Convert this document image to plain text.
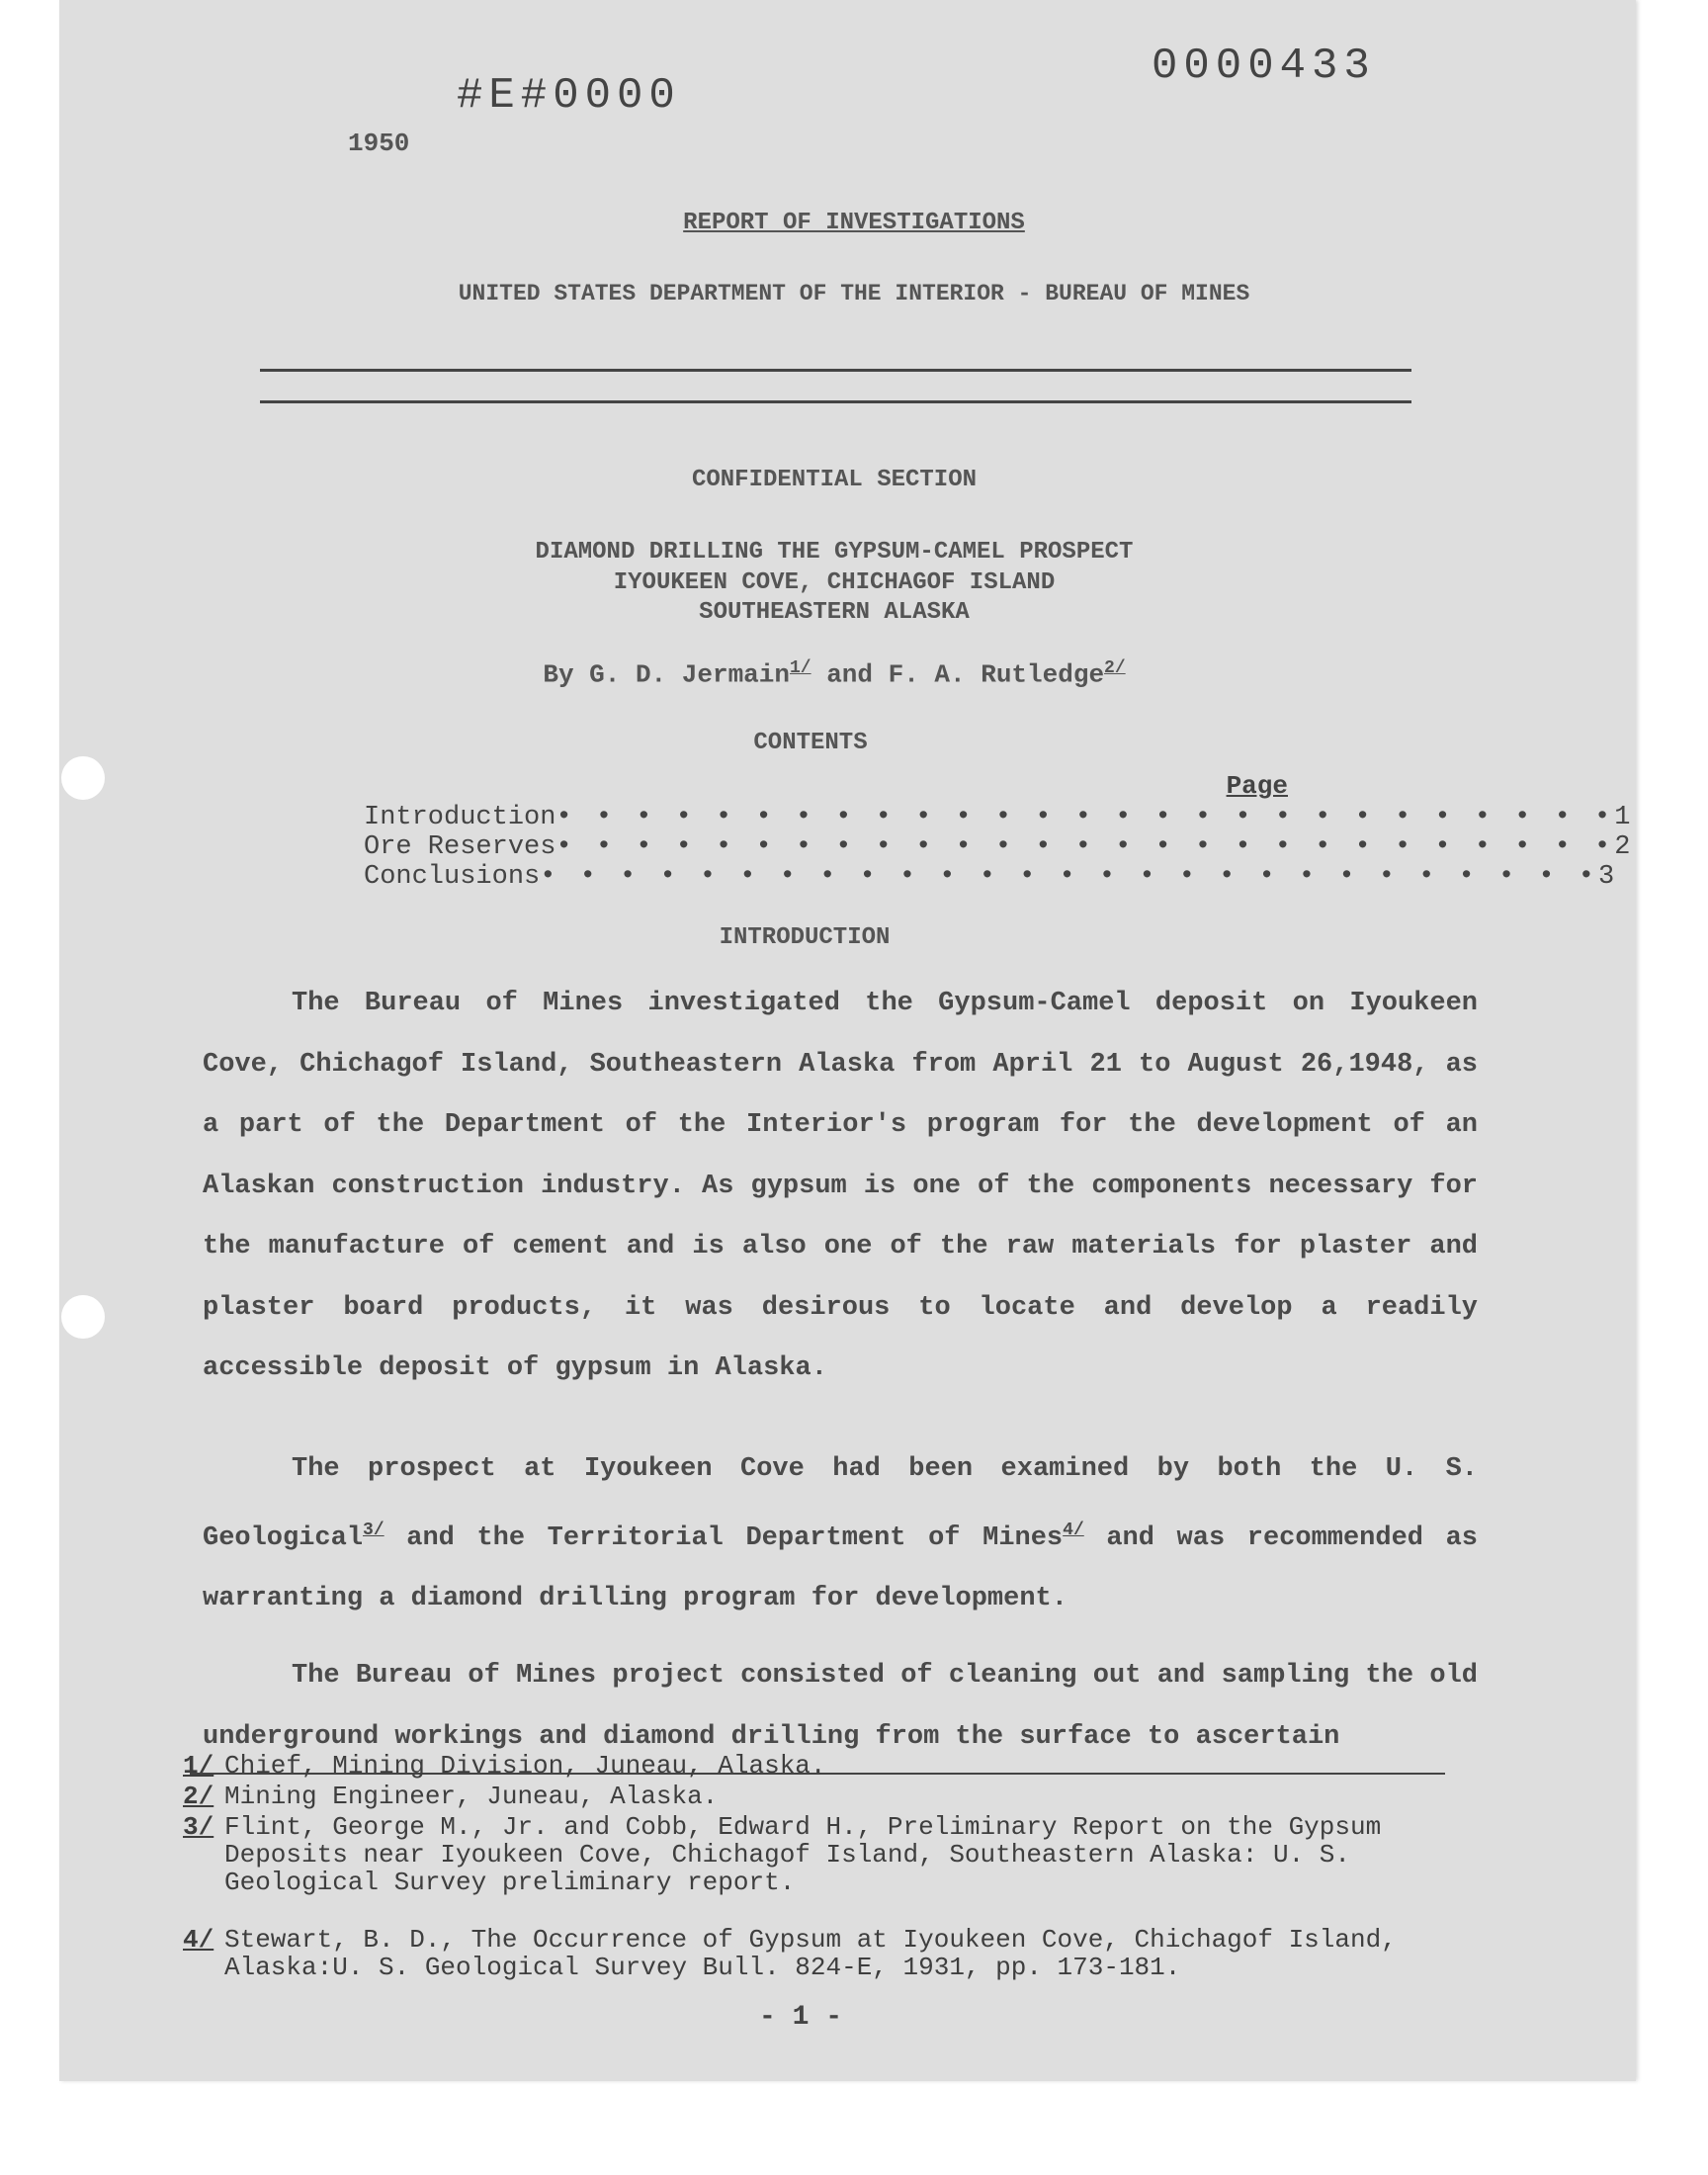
#E#0000
0000433
1950
REPORT OF INVESTIGATIONS
UNITED STATES DEPARTMENT OF THE INTERIOR - BUREAU OF MINES
CONFIDENTIAL SECTION
DIAMOND DRILLING THE GYPSUM-CAMEL PROSPECT
IYOUKEEN COVE, CHICHAGOF ISLAND
SOUTHEASTERN ALASKA
By G. D. Jermain$^{1/}$ and F. A. Rutledge$^{2/}$
CONTENTS
Page
Introduction • • • • • • • • • • • • • • • • • • • • • • • • • • • 1
Ore Reserves • • • • • • • • • • • • • • • • • • • • • • • • • • • 2
Conclusions • • • • • • • • • • • • • • • • • • • • • • • • • • • 3
INTRODUCTION
The Bureau of Mines investigated the Gypsum-Camel deposit on Iyoukeen Cove, Chichagof Island, Southeastern Alaska from April 21 to August 26,1948, as a part of the Department of the Interior's program for the development of an Alaskan construction industry. As gypsum is one of the components necessary for the manufacture of cement and is also one of the raw materials for plaster and plaster board products, it was desirous to locate and develop a readily accessible deposit of gypsum in Alaska.
The prospect at Iyoukeen Cove had been examined by both the U. S. Geological$^{3/}$ and the Territorial Department of Mines$^{4/}$ and was recommended as warranting a diamond drilling program for development.
The Bureau of Mines project consisted of cleaning out and sampling the old underground workings and diamond drilling from the surface to ascertain
1/ Chief, Mining Division, Juneau, Alaska.
2/ Mining Engineer, Juneau, Alaska.
3/ Flint, George M., Jr. and Cobb, Edward H., Preliminary Report on the Gypsum Deposits near Iyoukeen Cove, Chichagof Island, Southeastern Alaska: U. S. Geological Survey preliminary report.
4/ Stewart, B. D., The Occurrence of Gypsum at Iyoukeen Cove, Chichagof Island, Alaska:U. S. Geological Survey Bull. 824-E, 1931, pp. 173-181.
- 1 -
